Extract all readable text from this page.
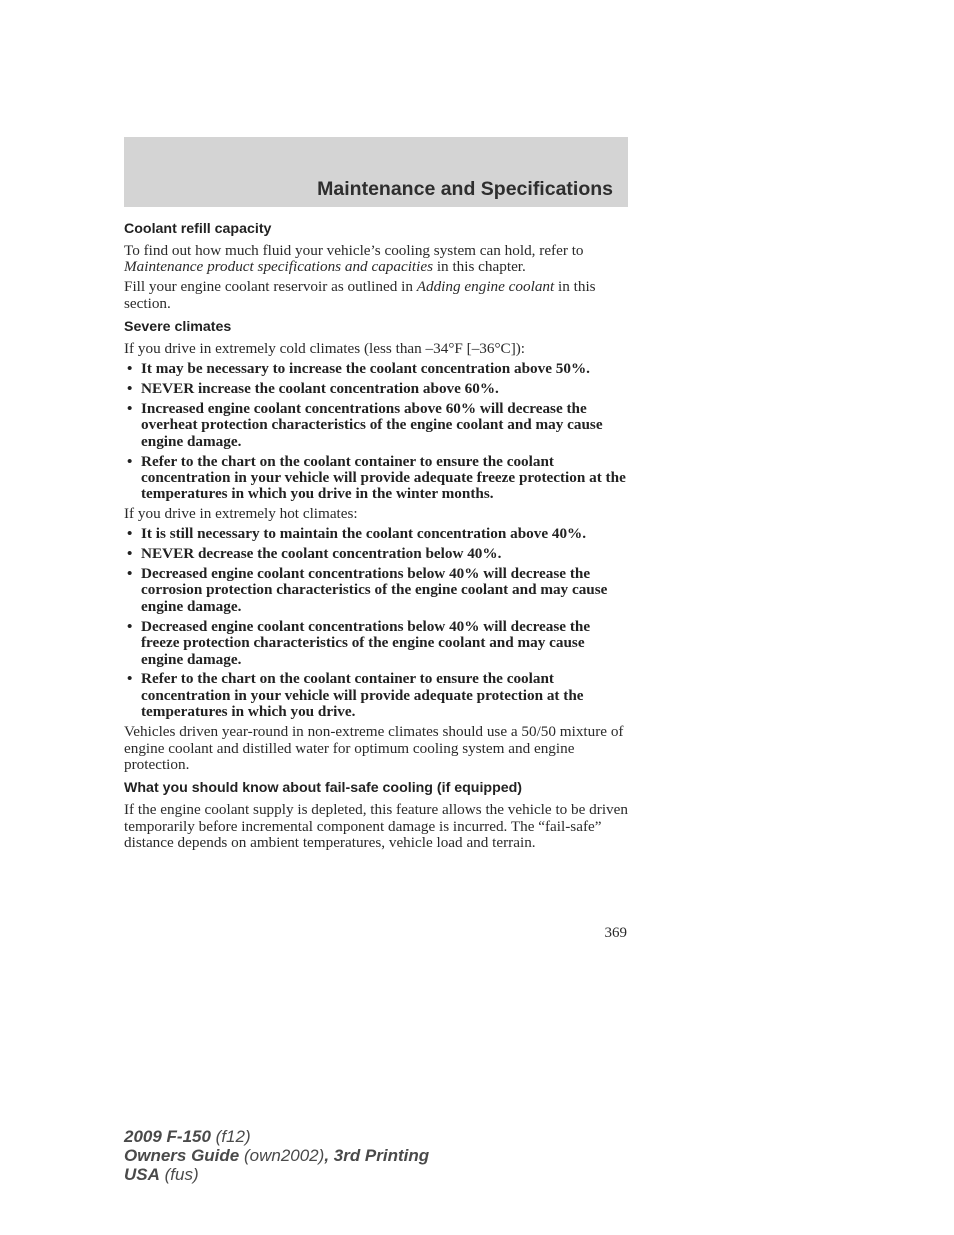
Maintenance and Specifications
Coolant refill capacity

To find out how much fluid your vehicle’s cooling system can hold, refer to Maintenance product specifications and capacities in this chapter.

Fill your engine coolant reservoir as outlined in Adding engine coolant in this section.

Severe climates

If you drive in extremely cold climates (less than –34°F [–36°C]):

• It may be necessary to increase the coolant concentration above 50%.
• NEVER increase the coolant concentration above 60%.
• Increased engine coolant concentrations above 60% will decrease the overheat protection characteristics of the engine coolant and may cause engine damage.
• Refer to the chart on the coolant container to ensure the coolant concentration in your vehicle will provide adequate freeze protection at the temperatures in which you drive in the winter months.

If you drive in extremely hot climates:

• It is still necessary to maintain the coolant concentration above 40%.
• NEVER decrease the coolant concentration below 40%.
• Decreased engine coolant concentrations below 40% will decrease the corrosion protection characteristics of the engine coolant and may cause engine damage.
• Decreased engine coolant concentrations below 40% will decrease the freeze protection characteristics of the engine coolant and may cause engine damage.
• Refer to the chart on the coolant container to ensure the coolant concentration in your vehicle will provide adequate protection at the temperatures in which you drive.

Vehicles driven year-round in non-extreme climates should use a 50/50 mixture of engine coolant and distilled water for optimum cooling system and engine protection.

What you should know about fail-safe cooling (if equipped)

If the engine coolant supply is depleted, this feature allows the vehicle to be driven temporarily before incremental component damage is incurred. The “fail-safe” distance depends on ambient temperatures, vehicle load and terrain.

369
2009 F-150 (f12)
Owners Guide (own2002), 3rd Printing
USA (fus)
